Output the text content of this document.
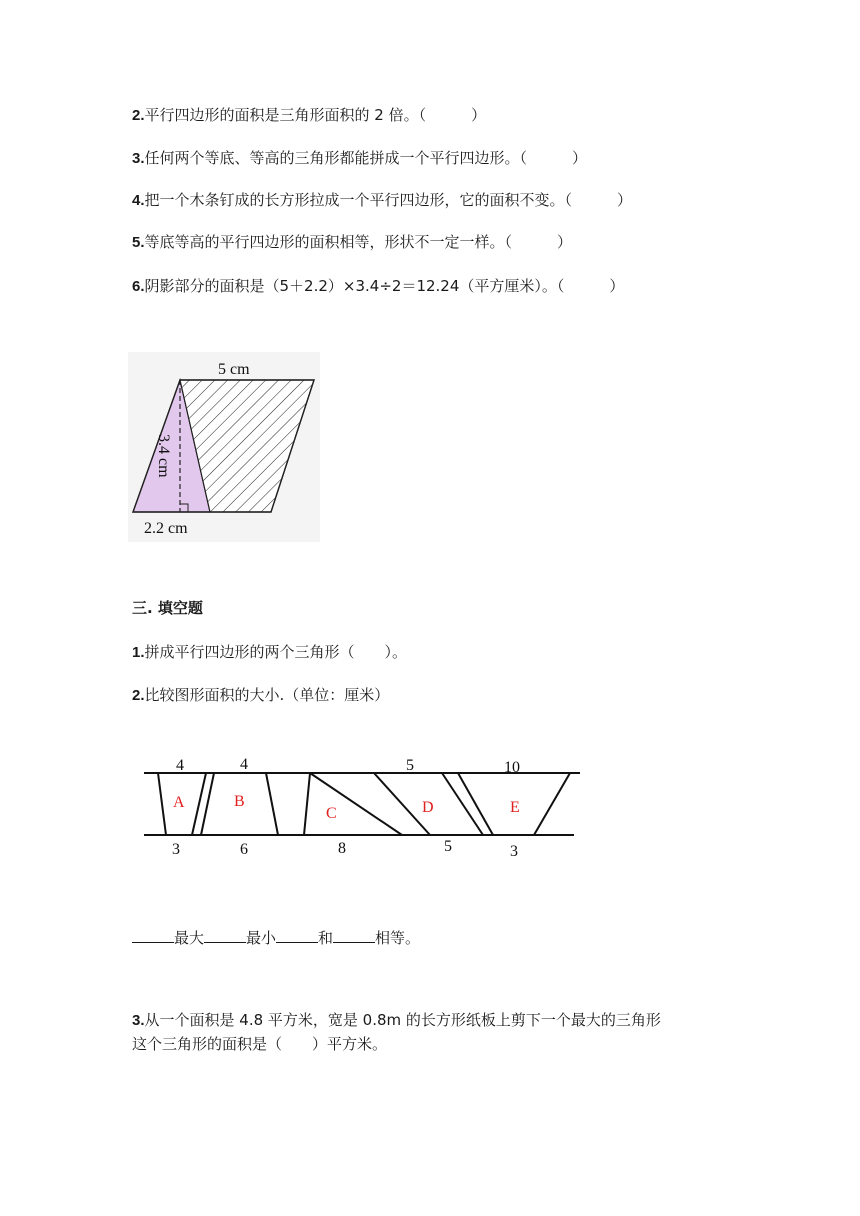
2.平行四边形的面积是三角形面积的 2 倍。（　　　）
3.任何两个等底、等高的三角形都能拼成一个平行四边形。（　　　）
4.把一个木条钉成的长方形拉成一个平行四边形，它的面积不变。（　　　）
5.等底等高的平行四边形的面积相等，形状不一定一样。（　　　）
6.阴影部分的面积是（5＋2.2）×3.4÷2＝12.24（平方厘米）。（　　　）
5 cm
3.4 cm
2.2 cm
三. 填空题
1.拼成平行四边形的两个三角形（　　）。
2.比较图形面积的大小.（单位：厘米）
4	4	5	10
3	6	8	5	3
A	B
C	D	E
最大	最小	和	相等。
3.从一个面积是 4.8 平方米，宽是 0.8m 的长方形纸板上剪下一个最大的三角形
这个三角形的面积是（　　）平方米。
